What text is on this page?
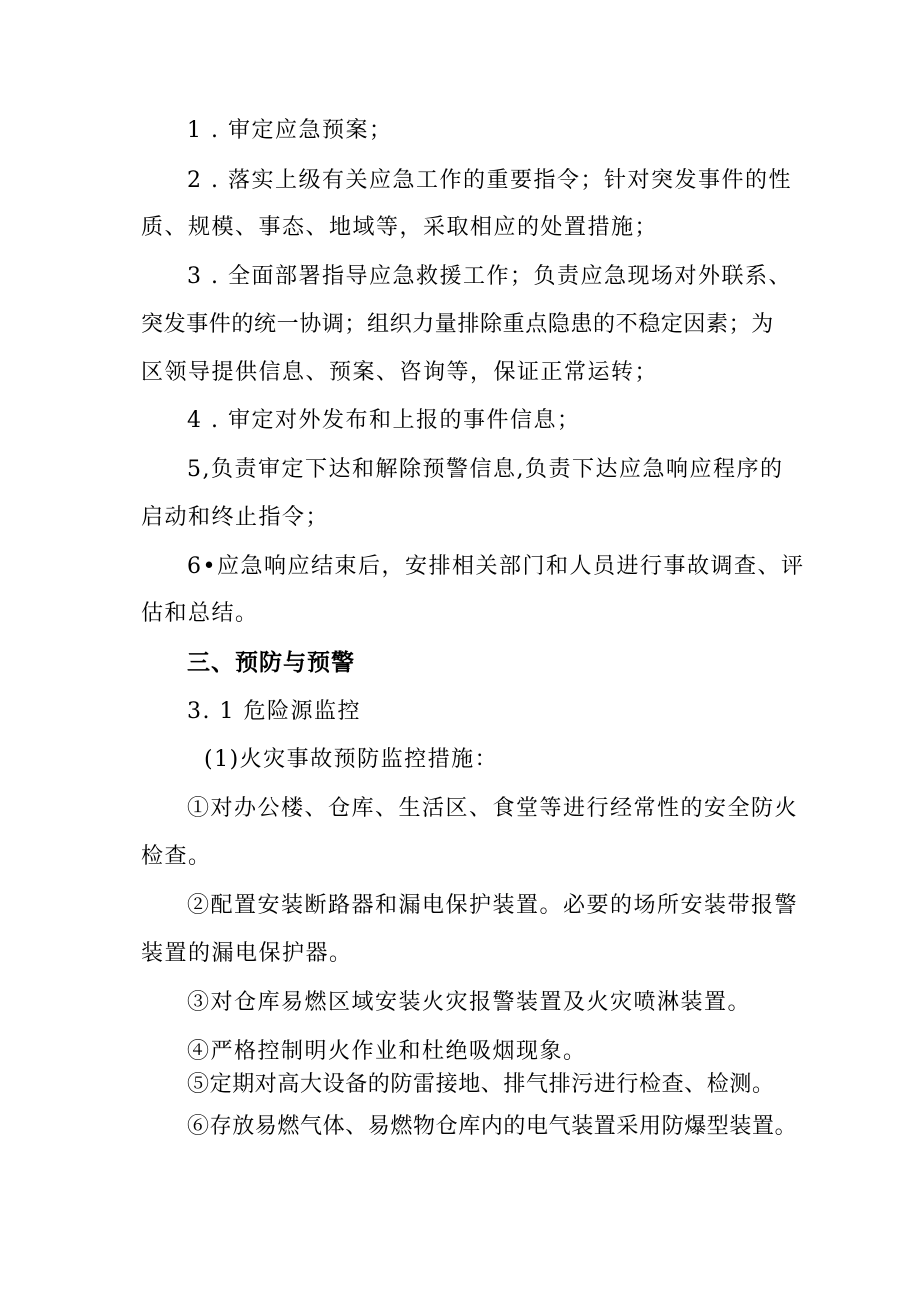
1 . 审定应急预案；
2 . 落实上级有关应急工作的重要指令；针对突发事件的性
质、规模、事态、地域等，采取相应的处置措施；
3 . 全面部署指导应急救援工作；负责应急现场对外联系、
突发事件的统一协调；组织力量排除重点隐患的不稳定因素；为
区领导提供信息、预案、咨询等，保证正常运转；
4 . 审定对外发布和上报的事件信息；
5,负责审定下达和解除预警信息,负责下达应急响应程序的
启动和终止指令；
6•应急响应结束后，安排相关部门和人员进行事故调查、评
估和总结。
三、预防与预警
3. 1 危险源监控
(1)火灾事故预防监控措施：
①对办公楼、仓库、生活区、食堂等进行经常性的安全防火
检查。
②配置安装断路器和漏电保护装置。必要的场所安装带报警
装置的漏电保护器。
③对仓库易燃区域安装火灾报警装置及火灾喷淋装置。
④严格控制明火作业和杜绝吸烟现象。
⑤定期对高大设备的防雷接地、排气排污进行检查、检测。
⑥存放易燃气体、易燃物仓库内的电气装置采用防爆型装置。
